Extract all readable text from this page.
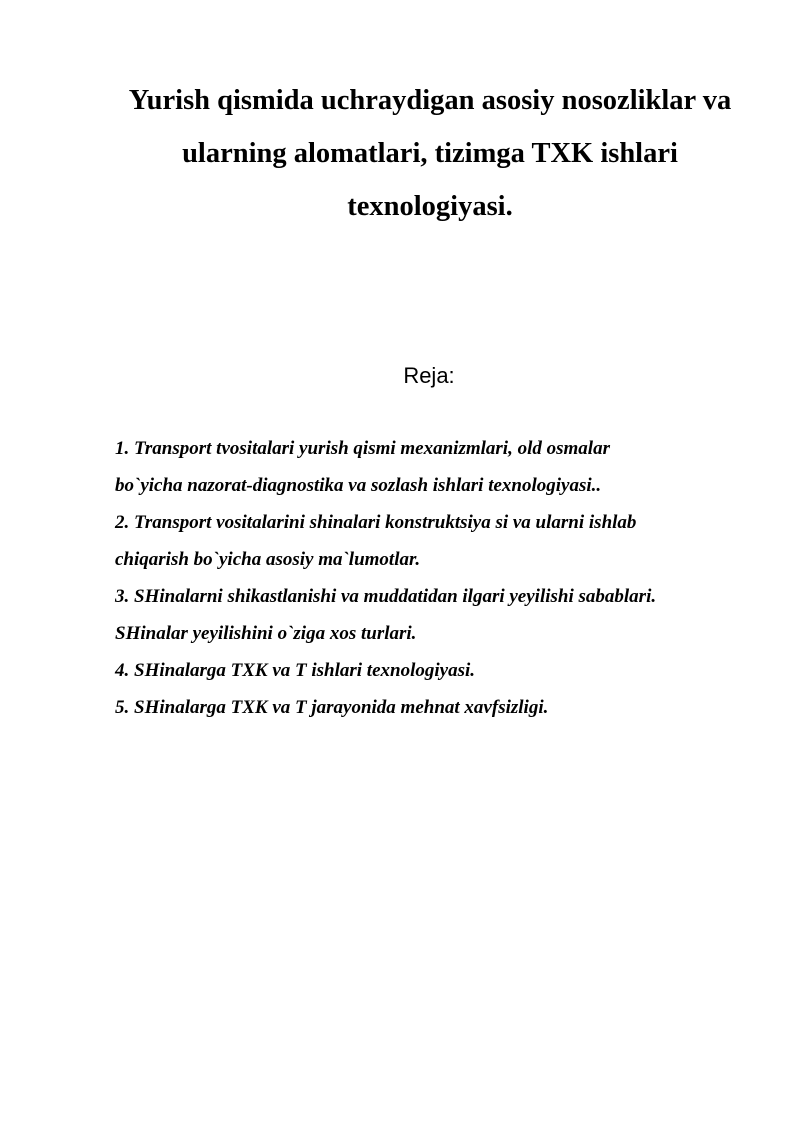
Yurish qismida uchraydigan asosiy nosozliklar va
ularning alomatlari, tizimga TXK ishlari
texnologiyasi.
Reja:
1. Transport tvositalari yurish qismi mexanizmlari, old osmalar
bo`yicha nazorat-diagnostika va sozlash ishlari texnologiyasi..
2. Transport vositalarini shinalari konstruktsiya si va ularni ishlab
chiqarish bo`yicha asosiy ma`lumotlar.
3. SHinalarni shikastlanishi va muddatidan ilgari yeyilishi sabablari.
SHinalar yeyilishini o`ziga xos turlari.
4. SHinalarga TXK va T ishlari texnologiyasi.
5. SHinalarga TXK va T jarayonida mehnat xavfsizligi.
